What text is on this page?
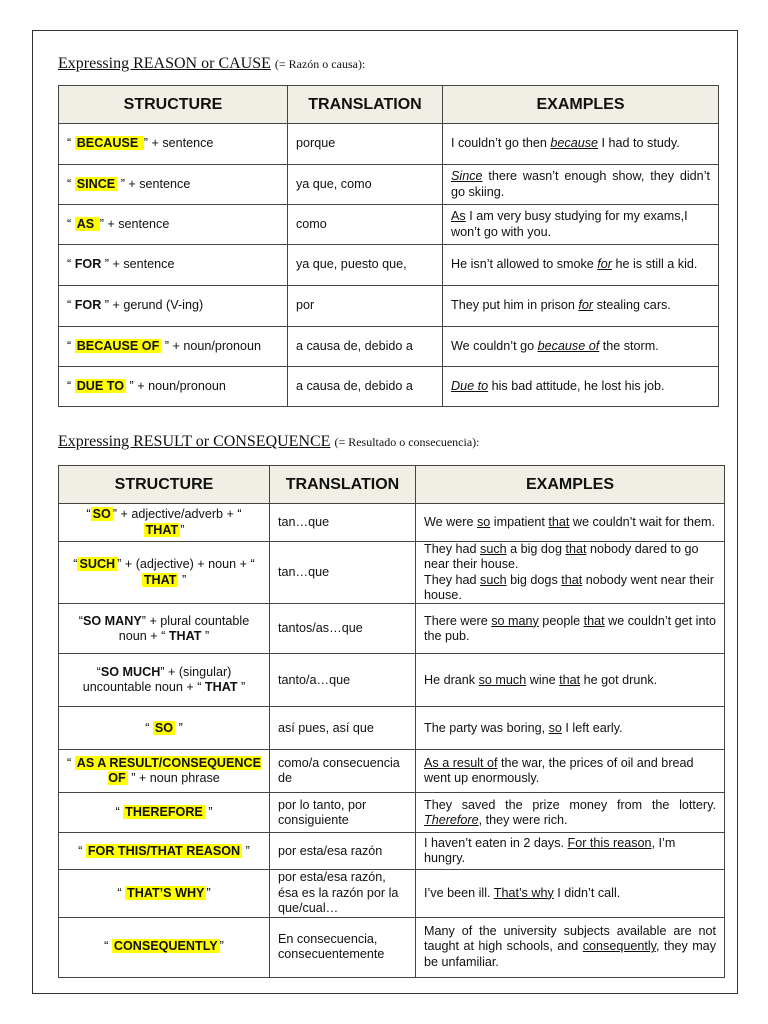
Expressing REASON or CAUSE (= Razón o causa):
STRUCTURE	TRANSLATION	EXAMPLES
“ BECAUSE ” + sentence	porque	I couldn’t go then because I had to study.
“ SINCE ” + sentence	ya que, como	Since there wasn’t enough show, they didn’t go skiing.
“ AS ” + sentence	como	As I am very busy studying for my exams,I won’t go with you.
“ FOR ” + sentence	ya que, puesto que,	He isn’t allowed to smoke for he is still a kid.
“ FOR ” + gerund (V-ing)	por	They put him in prison for stealing cars.
“ BECAUSE OF ” + noun/pronoun	a causa de, debido a	We couldn’t go because of the storm.
“ DUE TO ” + noun/pronoun	a causa de, debido a	Due to his bad attitude, he lost his job.
Expressing RESULT or CONSEQUENCE (= Resultado o consecuencia):
STRUCTURE	TRANSLATION	EXAMPLES
“ SO ” + adjective/adverb + “ THAT ”	tan…que	We were so impatient that we couldn’t wait for them.
“ SUCH ” + (adjective) + noun + “ THAT ”	tan…que	They had such a big dog that nobody dared to go near their house.
They had such big dogs that nobody went near their house.
“SO MANY” + plural countable noun + “ THAT ”	tantos/as…que	There were so many people that we couldn’t get into the pub.
“SO MUCH” + (singular) uncountable noun + “ THAT ”	tanto/a…que	He drank so much wine that he got drunk.
“ SO ”	así pues, así que	The party was boring, so I left early.
“ AS A RESULT/CONSEQUENCE OF ” + noun phrase	como/a consecuencia de	As a result of the war, the prices of oil and bread went up enormously.
“ THEREFORE ”	por lo tanto, por consiguiente	They saved the prize money from the lottery. Therefore, they were rich.
“ FOR THIS/THAT REASON ”	por esta/esa razón	I haven’t eaten in 2 days. For this reason, I’m hungry.
“ THAT’S WHY ”	por esta/esa razón, ésa es la razón por la que/cual…	I’ve been ill. That’s why I didn’t call.
“ CONSEQUENTLY ”	En consecuencia, consecuentemente	Many of the university subjects available are not taught at high schools, and consequently, they may be unfamiliar.
